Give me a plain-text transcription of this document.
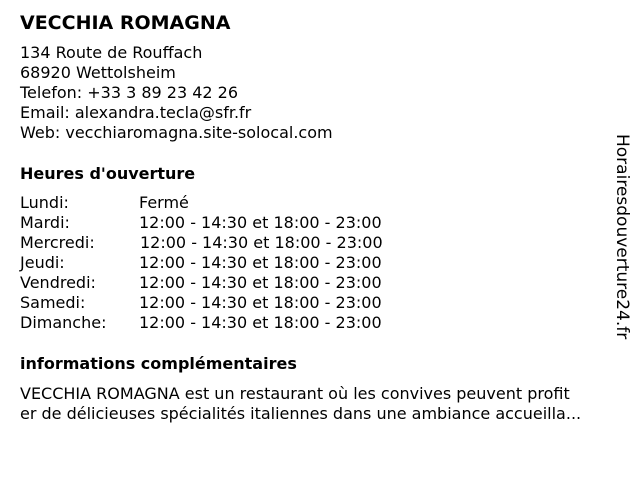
VECCHIA ROMAGNA
134 Route de Rouffach
68920 Wettolsheim
Telefon: +33 3 89 23 42 26
Email: alexandra.tecla@sfr.fr
Web: vecchiaromagna.site-solocal.com
Heures d'ouverture
Lundi:	Fermé
Mardi:	12:00 - 14:30 et 18:00 - 23:00
Mercredi:	12:00 - 14:30 et 18:00 - 23:00
Jeudi:	12:00 - 14:30 et 18:00 - 23:00
Vendredi:	12:00 - 14:30 et 18:00 - 23:00
Samedi:	12:00 - 14:30 et 18:00 - 23:00
Dimanche: 12:00 - 14:30 et 18:00 - 23:00
informations complémentaires
VECCHIA ROMAGNA est un restaurant où les convives peuvent profit
er de délicieuses spécialités italiennes dans une ambiance accueilla...
Horairesdouverture24.fr
